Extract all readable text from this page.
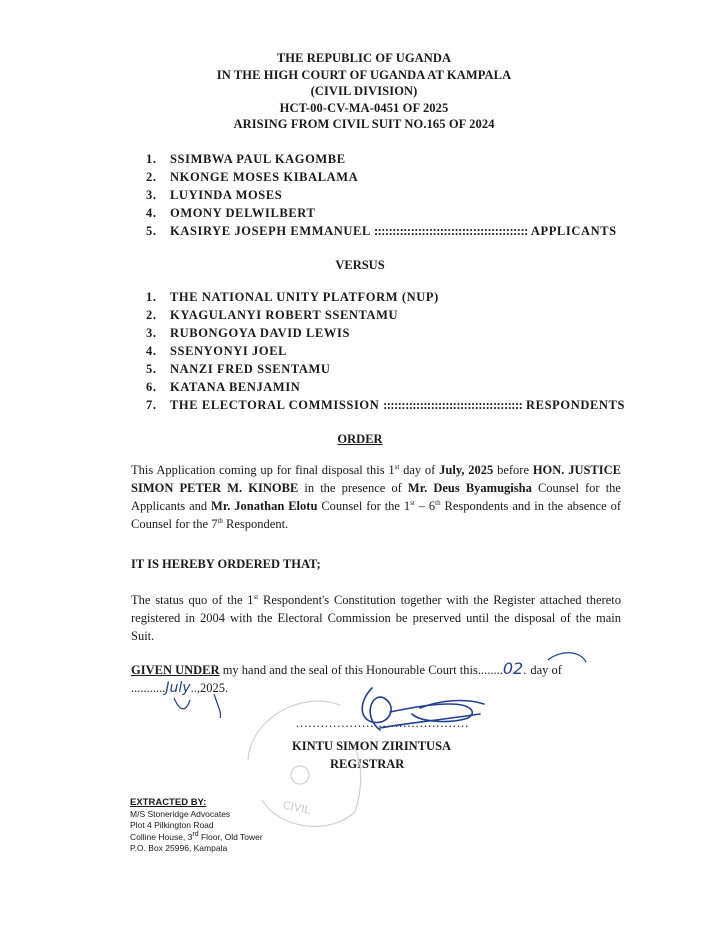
THE REPUBLIC OF UGANDA
IN THE HIGH COURT OF UGANDA AT KAMPALA
(CIVIL DIVISION)
HCT-00-CV-MA-0451 OF 2025
ARISING FROM CIVIL SUIT NO.165 OF 2024
1. SSIMBWA PAUL KAGOMBE
2. NKONGE MOSES KIBALAMA
3. LUYINDA MOSES
4. OMONY DELWILBERT
5. KASIRYE JOSEPH EMMANUEL :::::::::::::::::::::::::::::::::::::::::: APPLICANTS
VERSUS
1. THE NATIONAL UNITY PLATFORM (NUP)
2. KYAGULANYI ROBERT SSENTAMU
3. RUBONGOYA DAVID LEWIS
4. SSENYONYI JOEL
5. NANZI FRED SSENTAMU
6. KATANA BENJAMIN
7. THE ELECTORAL COMMISSION :::::::::::::::::::::::::::::::::::::: RESPONDENTS
ORDER
This Application coming up for final disposal this 1st day of July, 2025 before HON. JUSTICE SIMON PETER M. KINOBE in the presence of Mr. Deus Byamugisha Counsel for the Applicants and Mr. Jonathan Elotu Counsel for the 1st – 6th Respondents and in the absence of Counsel for the 7th Respondent.
IT IS HEREBY ORDERED THAT;
The status quo of the 1st Respondent's Constitution together with the Register attached thereto registered in 2004 with the Electoral Commission be preserved until the disposal of the main Suit.
GIVEN UNDER my hand and the seal of this Honourable Court this........02. day of
...........July..,2025.
..........................................
KINTU SIMON ZIRINTUSA
REGISTRAR
CIVIL
EXTRACTED BY:
M/S Stoneridge Advocates
Plot 4 Pilkington Road
Colline House, 3rd Floor, Old Tower
P.O. Box 25996, Kampala
